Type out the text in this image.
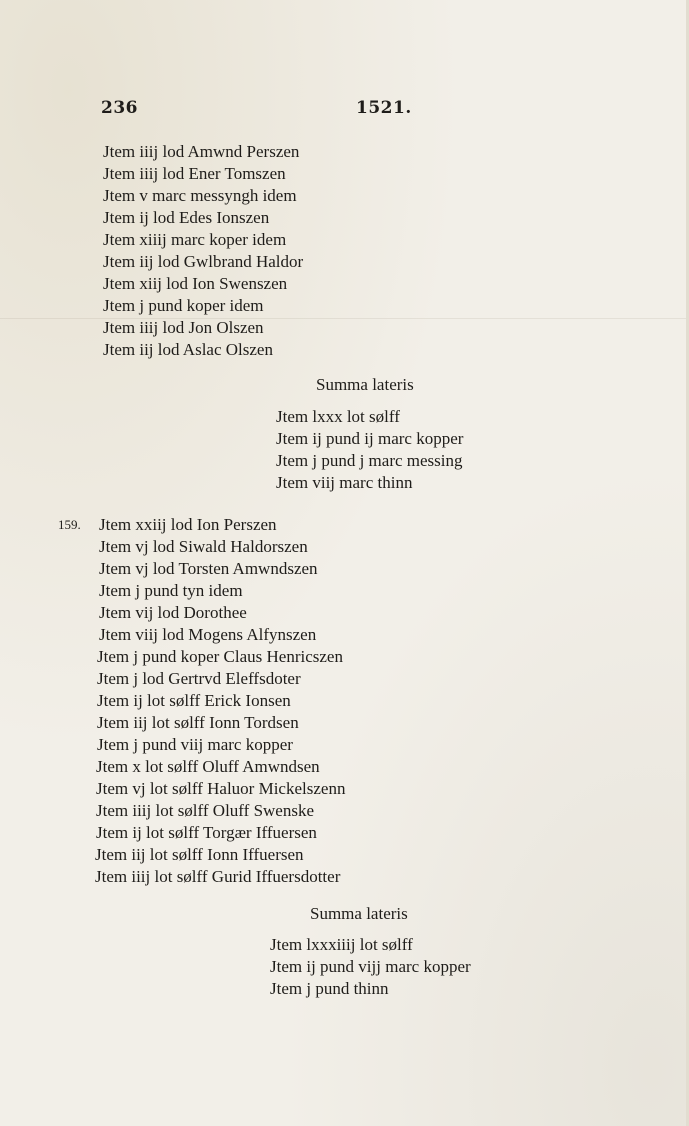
236	1521.
Jtem iiij lod Amwnd Perszen
Jtem iiij lod Ener Tomszen
Jtem v marc messyngh idem
Jtem ij lod Edes Ionszen
Jtem xiiij marc koper idem
Jtem iij lod Gwlbrand Haldor
Jtem xiij lod Ion Swenszen
Jtem j pund koper idem
Jtem iiij lod Jon Olszen
Jtem iij lod Aslac Olszen
Summa lateris
Jtem lxxx lot sølff
Jtem ij pund ij marc kopper
Jtem j pund j marc messing
Jtem viij marc thinn
159. Jtem xxiij lod Ion Perszen
Jtem vj lod Siwald Haldorszen
Jtem vj lod Torsten Amwndszen
Jtem j pund tyn idem
Jtem vij lod Dorothee
Jtem viij lod Mogens Alfynszen
Jtem j pund koper Claus Henricszen
Jtem j lod Gertrvd Eleffsdoter
Jtem ij lot sølff Erick Ionsen
Jtem iij lot sølff Ionn Tordsen
Jtem j pund viij marc kopper
Jtem x lot sølff Oluff Amwndsen
Jtem vj lot sølff Haluor Mickelszenn
Jtem iiij lot sølff Oluff Swenske
Jtem ij lot sølff Torgær Iffuersen
Jtem iij lot sølff Ionn Iffuersen
Jtem iiij lot sølff Gurid Iffuersdotter
Summa lateris
Jtem lxxxiiij lot sølff
Jtem ij pund vijj marc kopper
Jtem j pund thinn
